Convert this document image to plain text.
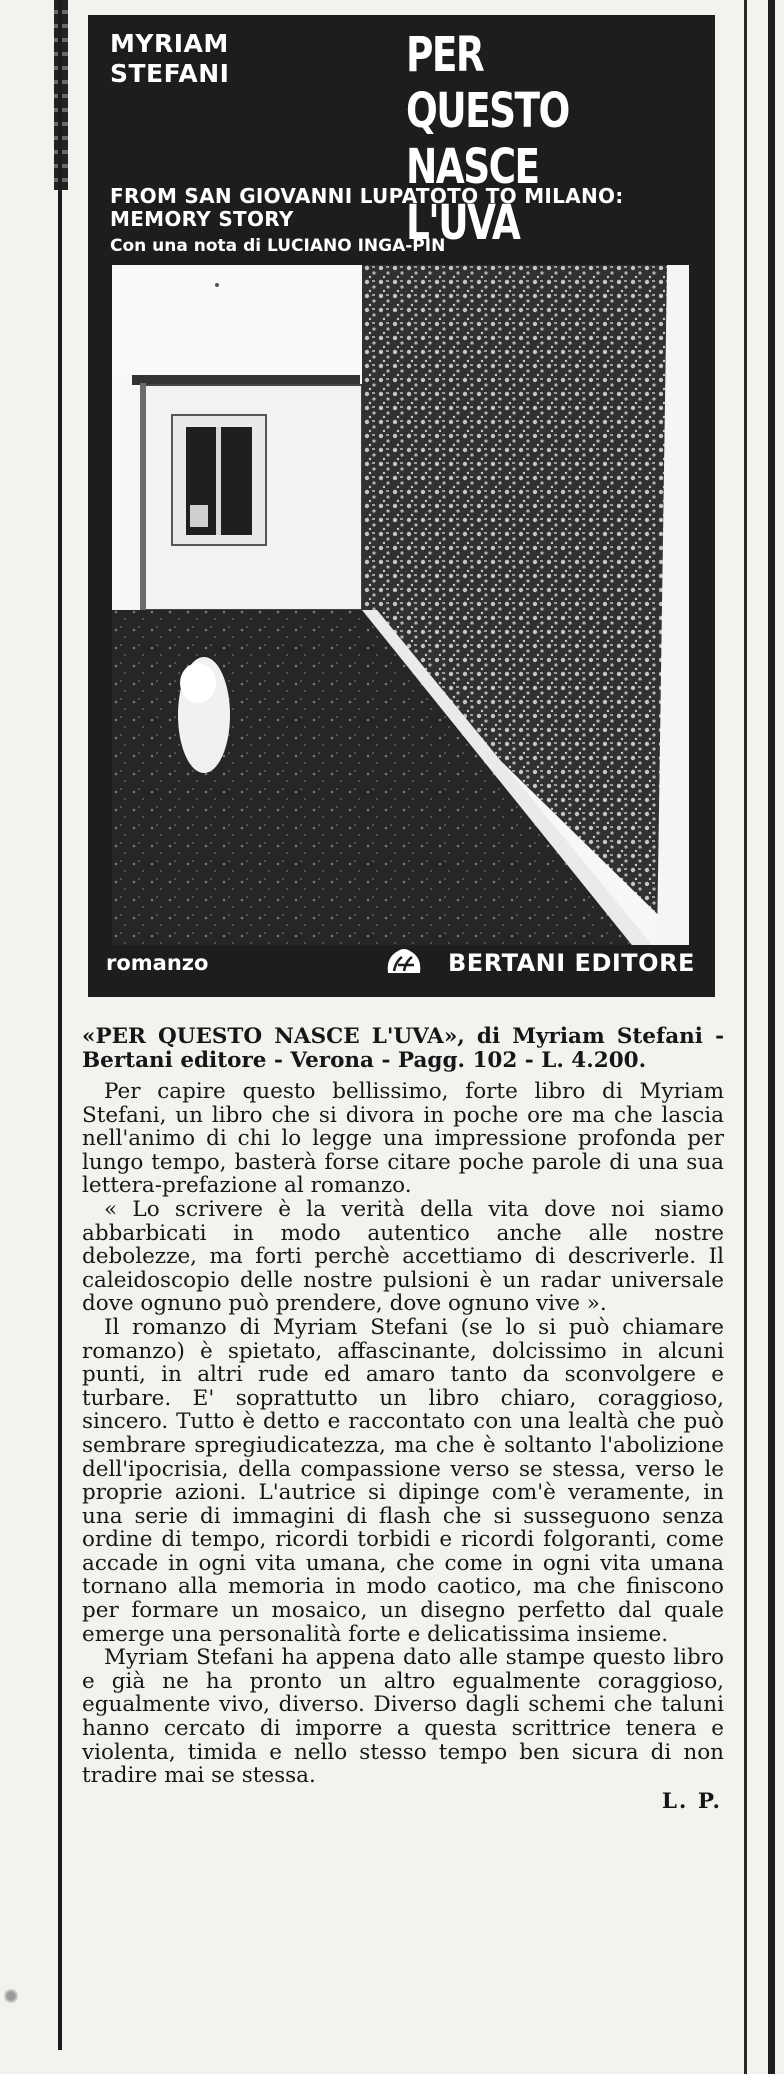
MYRIAM
STEFANI	PER QUESTO
NASCE L'UVA
FROM SAN GIOVANNI LUPATOTO TO MILANO: MEMORY STORY
Con una nota di LUCIANO INGA-PIN
romanzo	BERTANI EDITORE

«PER QUESTO NASCE L'UVA», di Myriam Stefani - Bertani editore - Verona - Pagg. 102 - L. 4.200.

Per capire questo bellissimo, forte libro di Myriam Stefani, un libro che si divora in poche ore ma che lascia nell'animo di chi lo legge una impressione profonda per lungo tempo, basterà forse citare poche parole di una sua lettera-prefazione al romanzo.

« Lo scrivere è la verità della vita dove noi siamo abbarbicati in modo autentico anche alle nostre debolezze, ma forti perchè accettiamo di descriverle. Il caleidoscopio delle nostre pulsioni è un radar universale dove ognuno può prendere, dove ognuno vive ».

Il romanzo di Myriam Stefani (se lo si può chiamare romanzo) è spietato, affascinante, dolcissimo in alcuni punti, in altri rude ed amaro tanto da sconvolgere e turbare. E' soprattutto un libro chiaro, coraggioso, sincero. Tutto è detto e raccontato con una lealtà che può sembrare spregiudicatezza, ma che è soltanto l'abolizione dell'ipocrisia, della compassione verso se stessa, verso le proprie azioni. L'autrice si dipinge com'è veramente, in una serie di immagini di flash che si susseguono senza ordine di tempo, ricordi torbidi e ricordi folgoranti, come accade in ogni vita umana, che come in ogni vita umana tornano alla memoria in modo caotico, ma che finiscono per formare un mosaico, un disegno perfetto dal quale emerge una personalità forte e delicatissima insieme.

Myriam Stefani ha appena dato alle stampe questo libro e già ne ha pronto un altro egualmente coraggioso, egualmente vivo, diverso. Diverso dagli schemi che taluni hanno cercato di imporre a questa scrittrice tenera e violenta, timida e nello stesso tempo ben sicura di non tradire mai se stessa.

L. P.
